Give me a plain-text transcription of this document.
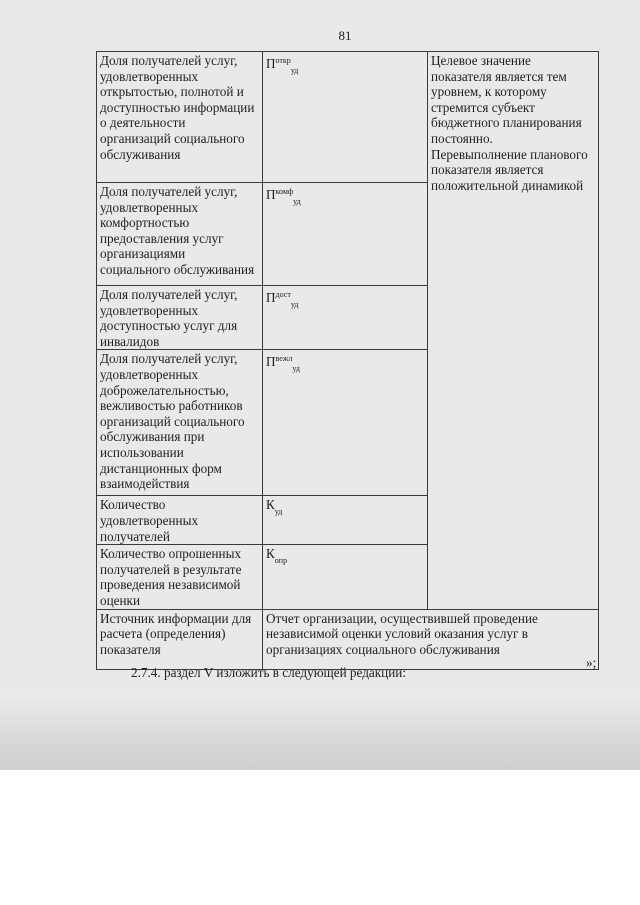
81
Доля получателей услуг, удовлетворенных открытостью, полнотой и доступностью информации о деятельности организаций социального обслуживания	$П^{откр}_{уд}$	Целевое значение показателя является тем уровнем, к которому стремится субъект бюджетного планирования постоянно.
Перевыполнение планового показателя является положительной динамикой

Доля получателей услуг, удовлетворенных комфортностью предоставления услуг организациями социального обслуживания	$П^{комф}_{уд}$
Доля получателей услуг, удовлетворенных доступностью услуг для инвалидов	$П^{дост}_{уд}$
Доля получателей услуг, удовлетворенных доброжелательностью, вежливостью работников организаций социального обслуживания при использовании дистанционных форм взаимодействия	$П^{вежл}_{уд}$
Количество удовлетворенных получателей	$К_{уд}$
Количество опрошенных получателей в результате проведения независимой оценки	$К_{опр}$
Источник информации для расчета (определения) показателя	Отчет организации, осуществившей проведение независимой оценки условий оказания услуг в организациях социального обслуживания	
»;
2.7.4. раздел V изложить в следующей редакции:
